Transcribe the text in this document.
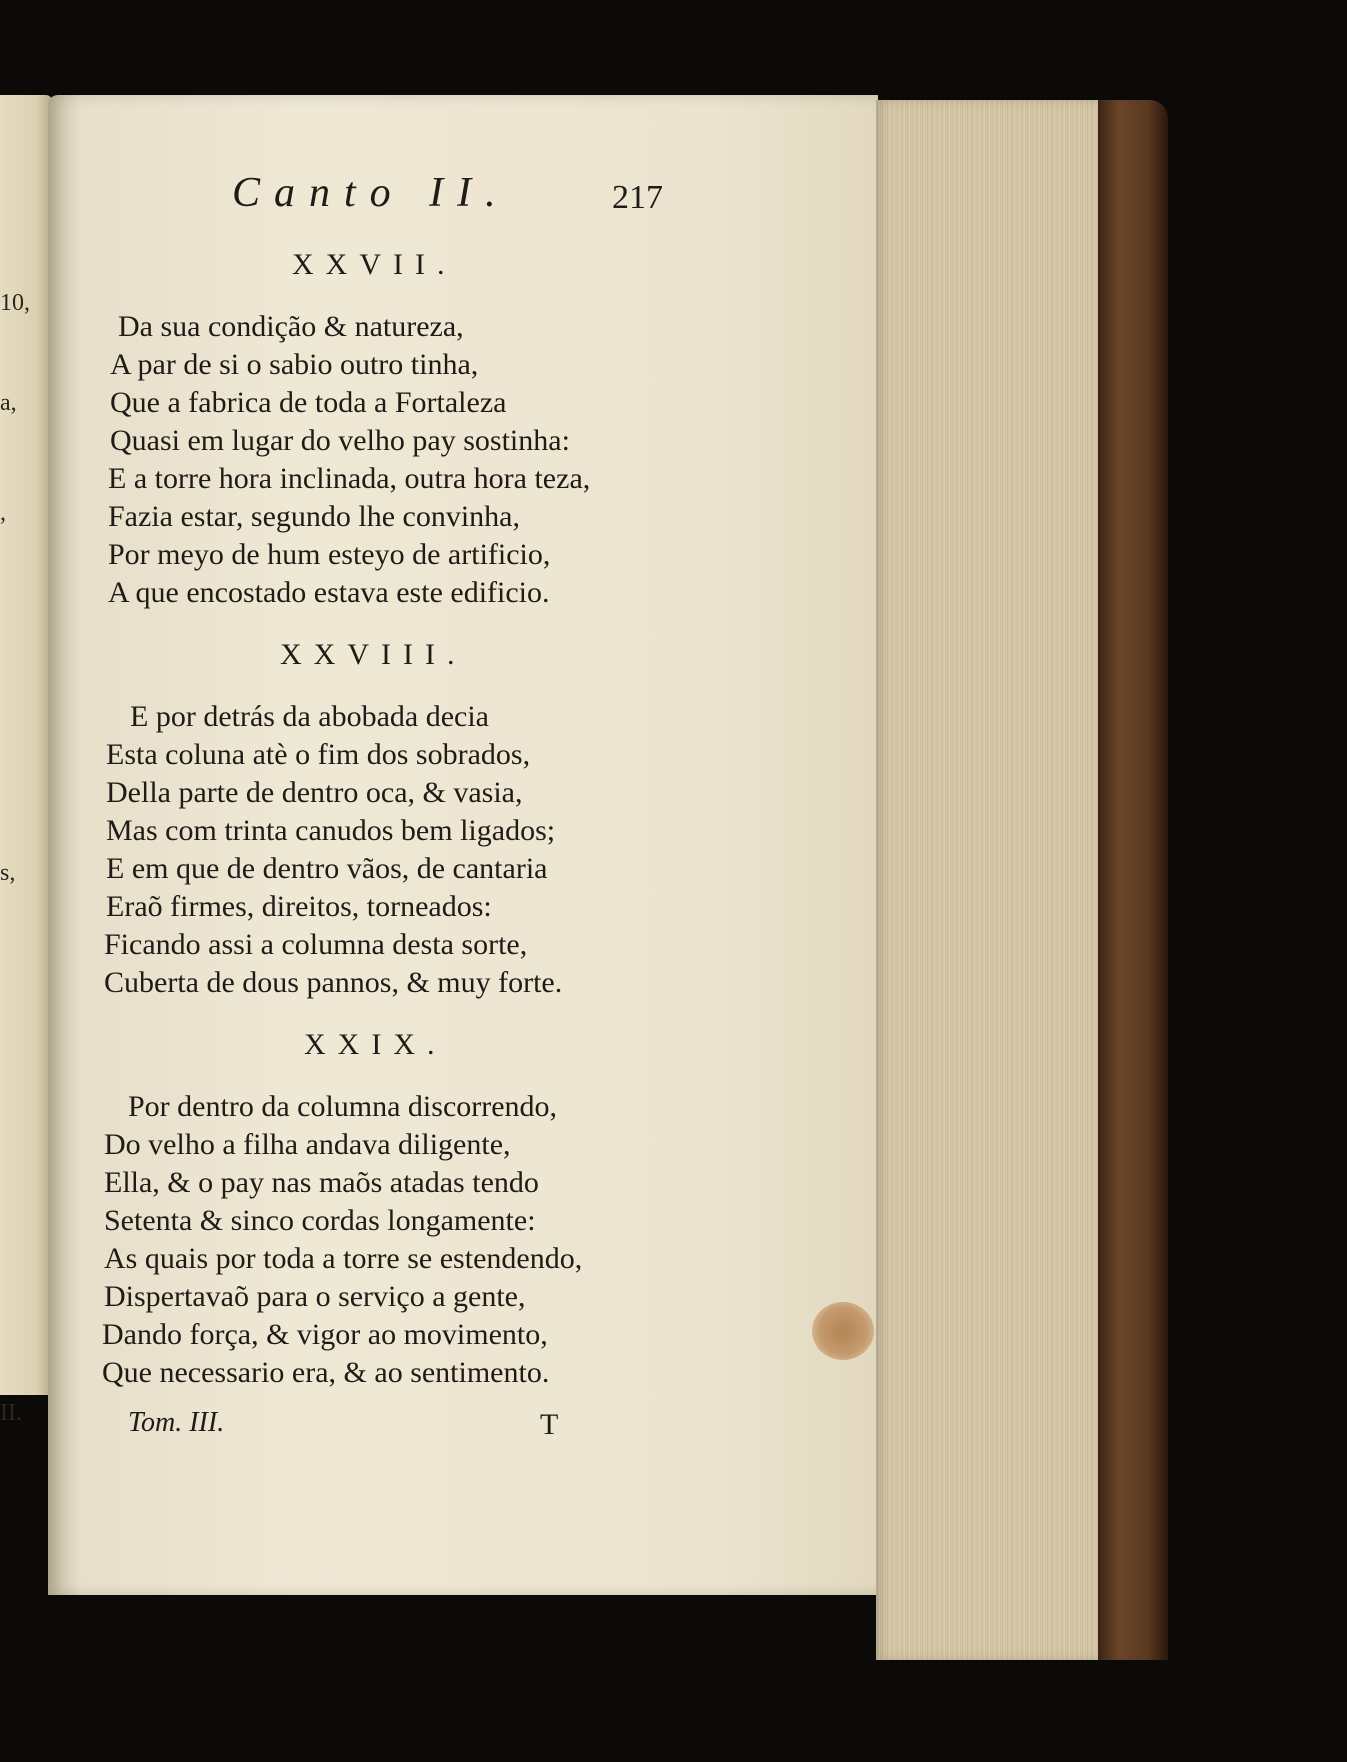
10,
a,
,
s,
II.
Canto II.	217
XXVII.
Da sua condição & natureza,
A par de si o sabio outro tinha,
Que a fabrica de toda a Fortaleza
Quasi em lugar do velho pay sostinha:
E a torre hora inclinada, outra hora teza,
Fazia estar, segundo lhe convinha,
Por meyo de hum esteyo de artificio,
A que encostado estava este edificio.
XXVIII.
E por detrás da abobada decia
Esta coluna atè o fim dos sobrados,
Della parte de dentro oca, & vasia,
Mas com trinta canudos bem ligados;
E em que de dentro vãos, de cantaria
Eraõ firmes, direitos, torneados:
Ficando assi a columna desta sorte,
Cuberta de dous pannos, & muy forte.
XXIX.
Por dentro da columna discorrendo,
Do velho a filha andava diligente,
Ella, & o pay nas maõs atadas tendo
Setenta & sinco cordas longamente:
As quais por toda a torre se estendendo,
Dispertavaõ para o serviço a gente,
Dando força, & vigor ao movimento,
Que necessario era, & ao sentimento.
Tom. III.	T
